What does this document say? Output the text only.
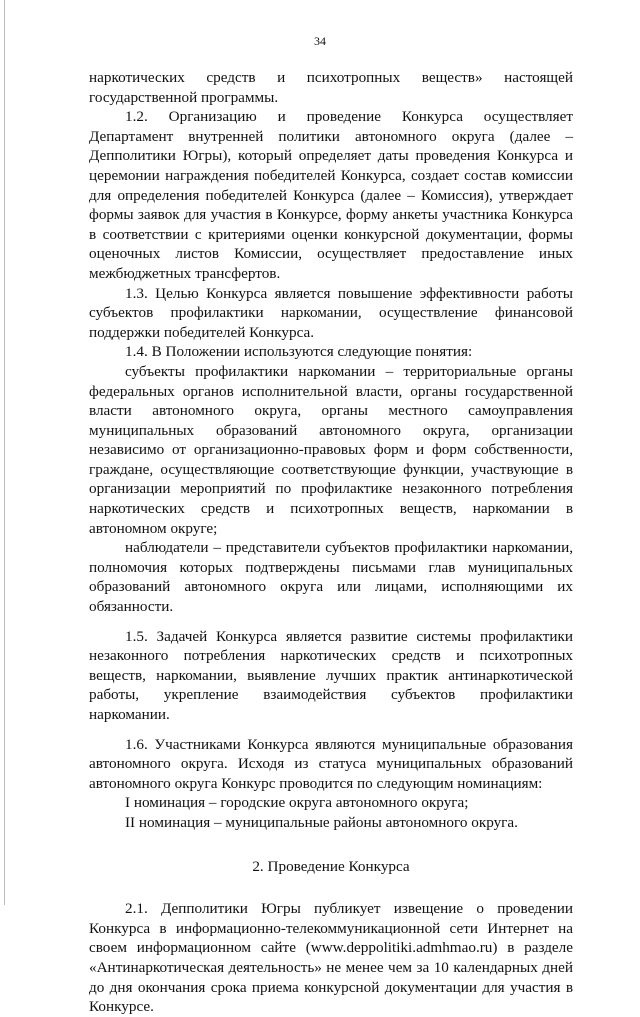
34

наркотических средств и психотропных веществ» настоящей государственной программы.

1.2. Организацию и проведение Конкурса осуществляет Департамент внутренней политики автономного округа (далее – Депполитики Югры), который определяет даты проведения Конкурса и церемонии награждения победителей Конкурса, создает состав комиссии для определения победителей Конкурса (далее – Комиссия), утверждает формы заявок для участия в Конкурсе, форму анкеты участника Конкурса в соответствии с критериями оценки конкурсной документации, формы оценочных листов Комиссии, осуществляет предоставление иных межбюджетных трансфертов.

1.3. Целью Конкурса является повышение эффективности работы субъектов профилактики наркомании, осуществление финансовой поддержки победителей Конкурса.

1.4. В Положении используются следующие понятия:

субъекты профилактики наркомании – территориальные органы федеральных органов исполнительной власти, органы государственной власти автономного округа, органы местного самоуправления муниципальных образований автономного округа, организации независимо от организационно-правовых форм и форм собственности, граждане, осуществляющие соответствующие функции, участвующие в организации мероприятий по профилактике незаконного потребления наркотических средств и психотропных веществ, наркомании в автономном округе;

наблюдатели – представители субъектов профилактики наркомании, полномочия которых подтверждены письмами глав муниципальных образований автономного округа или лицами, исполняющими их обязанности.

1.5. Задачей Конкурса является развитие системы профилактики незаконного потребления наркотических средств и психотропных веществ, наркомании, выявление лучших практик антинаркотической работы, укрепление взаимодействия субъектов профилактики наркомании.

1.6. Участниками Конкурса являются муниципальные образования автономного округа. Исходя из статуса муниципальных образований автономного округа Конкурс проводится по следующим номинациям:

I номинация – городские округа автономного округа;

II номинация – муниципальные районы автономного округа.

2. Проведение Конкурса

2.1. Депполитики Югры публикует извещение о проведении Конкурса в информационно-телекоммуникационной сети Интернет на своем информационном сайте (www.deppolitiki.admhmao.ru) в разделе «Антинаркотическая деятельность» не менее чем за 10 календарных дней до дня окончания срока приема конкурсной документации для участия в Конкурсе.
